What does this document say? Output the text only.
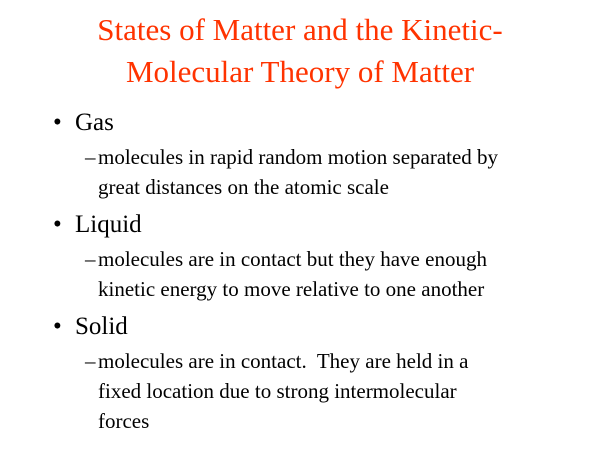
States of Matter and the Kinetic-
Molecular Theory of Matter
• Gas
– molecules in rapid random motion separated by
great distances on the atomic scale
• Liquid
– molecules are in contact but they have enough
kinetic energy to move relative to one another
• Solid
– molecules are in contact.  They are held in a
fixed location due to strong intermolecular
forces
